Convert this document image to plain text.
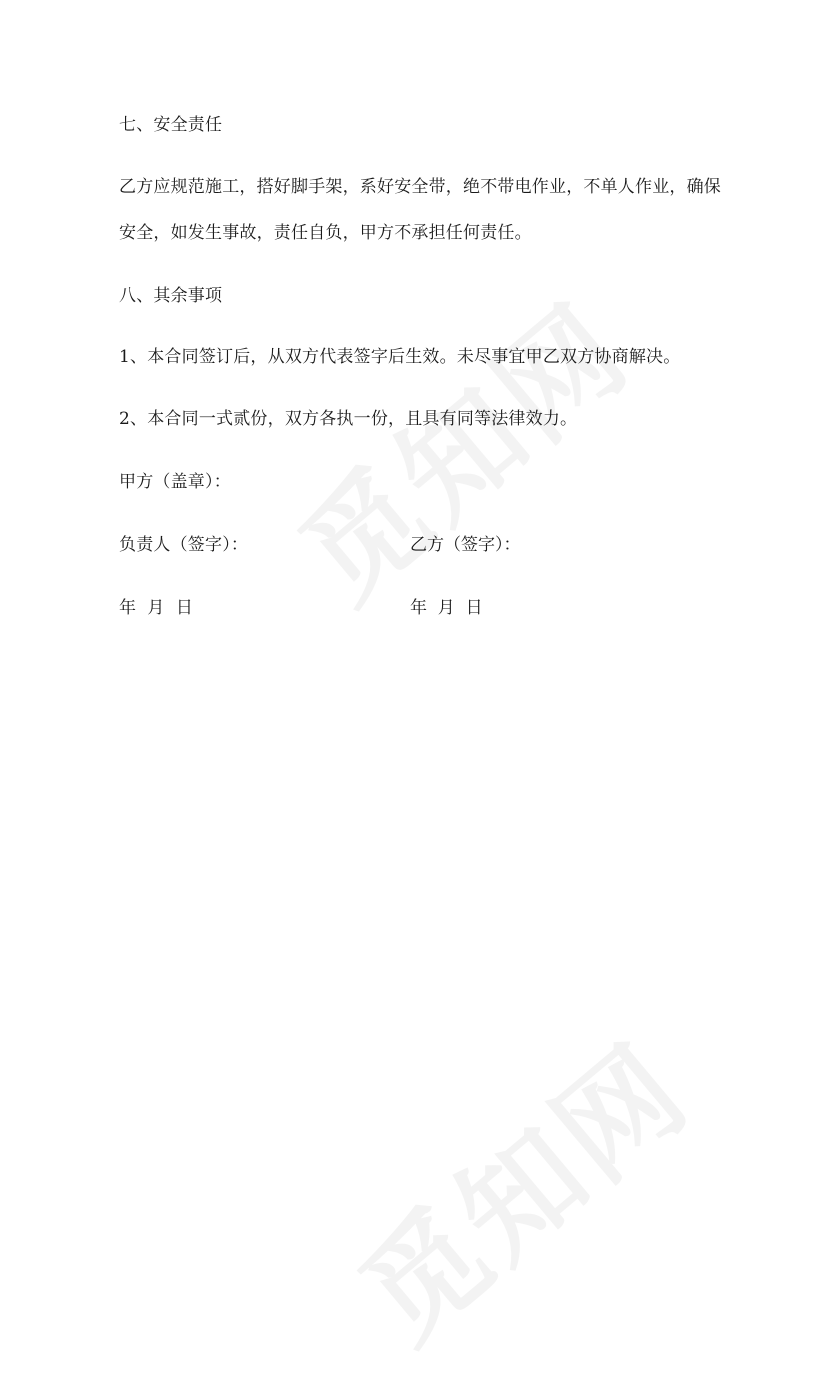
七、安全责任
乙方应规范施工，搭好脚手架，系好安全带，绝不带电作业，不单人作业，确保
安全，如发生事故，责任自负，甲方不承担任何责任。
八、其余事项
1、本合同签订后，从双方代表签字后生效。未尽事宜甲乙双方协商解决。
2、本合同一式贰份，双方各执一份，且具有同等法律效力。
甲方（盖章）：
负责人（签字）：	乙方（签字）：
年  月  日	年  月  日
